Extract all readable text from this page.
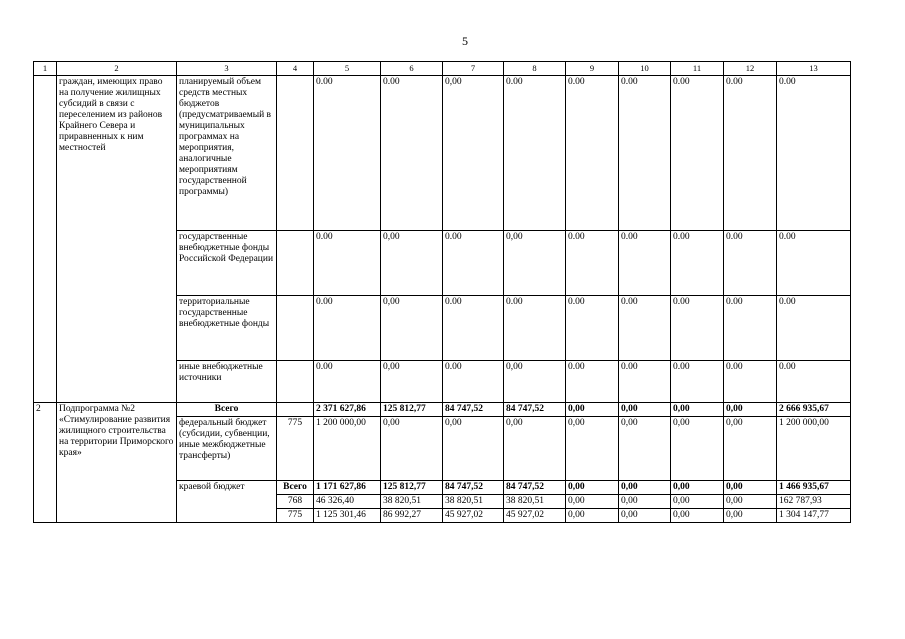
5
1	2	3	4	5	6	7	8	9	10	11	12	13
	граждан, имеющих право на получение жилищных субсидий в связи с переселением из районов Крайнего Севера и приравненных к ним местностей	планируемый объем средств местных бюджетов (предусматриваемый в муниципальных программах на мероприятия, аналогичные мероприятиям государственной программы)		0.00	0.00	0,00	0.00	0.00	0.00	0.00	0.00	0.00
		государственные внебюджетные фонды Российской Федерации		0.00	0,00	0.00	0,00	0.00	0.00	0.00	0.00	0.00
		территориальные государственные внебюджетные фонды		0.00	0,00	0.00	0.00	0.00	0.00	0.00	0.00	0.00
		иные внебюджетные источники		0.00	0,00	0.00	0,00	0.00	0.00	0.00	0.00	0.00
2	Подпрограмма №2 «Стимулирование развития жилищного строительства на территории Приморского края»	Всего		2 371 627,86	125 812,77	84 747,52	84 747,52	0,00	0,00	0,00	0,00	2 666 935,67
		федеральный бюджет (субсидии, субвенции, иные межбюджетные трансферты)	775	1 200 000,00	0,00	0,00	0,00	0,00	0,00	0,00	0,00	1 200 000,00
		краевой бюджет	Всего	1 171 627,86	125 812,77	84 747,52	84 747,52	0,00	0,00	0,00	0,00	1 466 935,67
			768	46 326,40	38 820,51	38 820,51	38 820,51	0,00	0,00	0,00	0,00	162 787,93
			775	1 125 301,46	86 992,27	45 927,02	45 927,02	0,00	0,00	0,00	0,00	1 304 147,77
